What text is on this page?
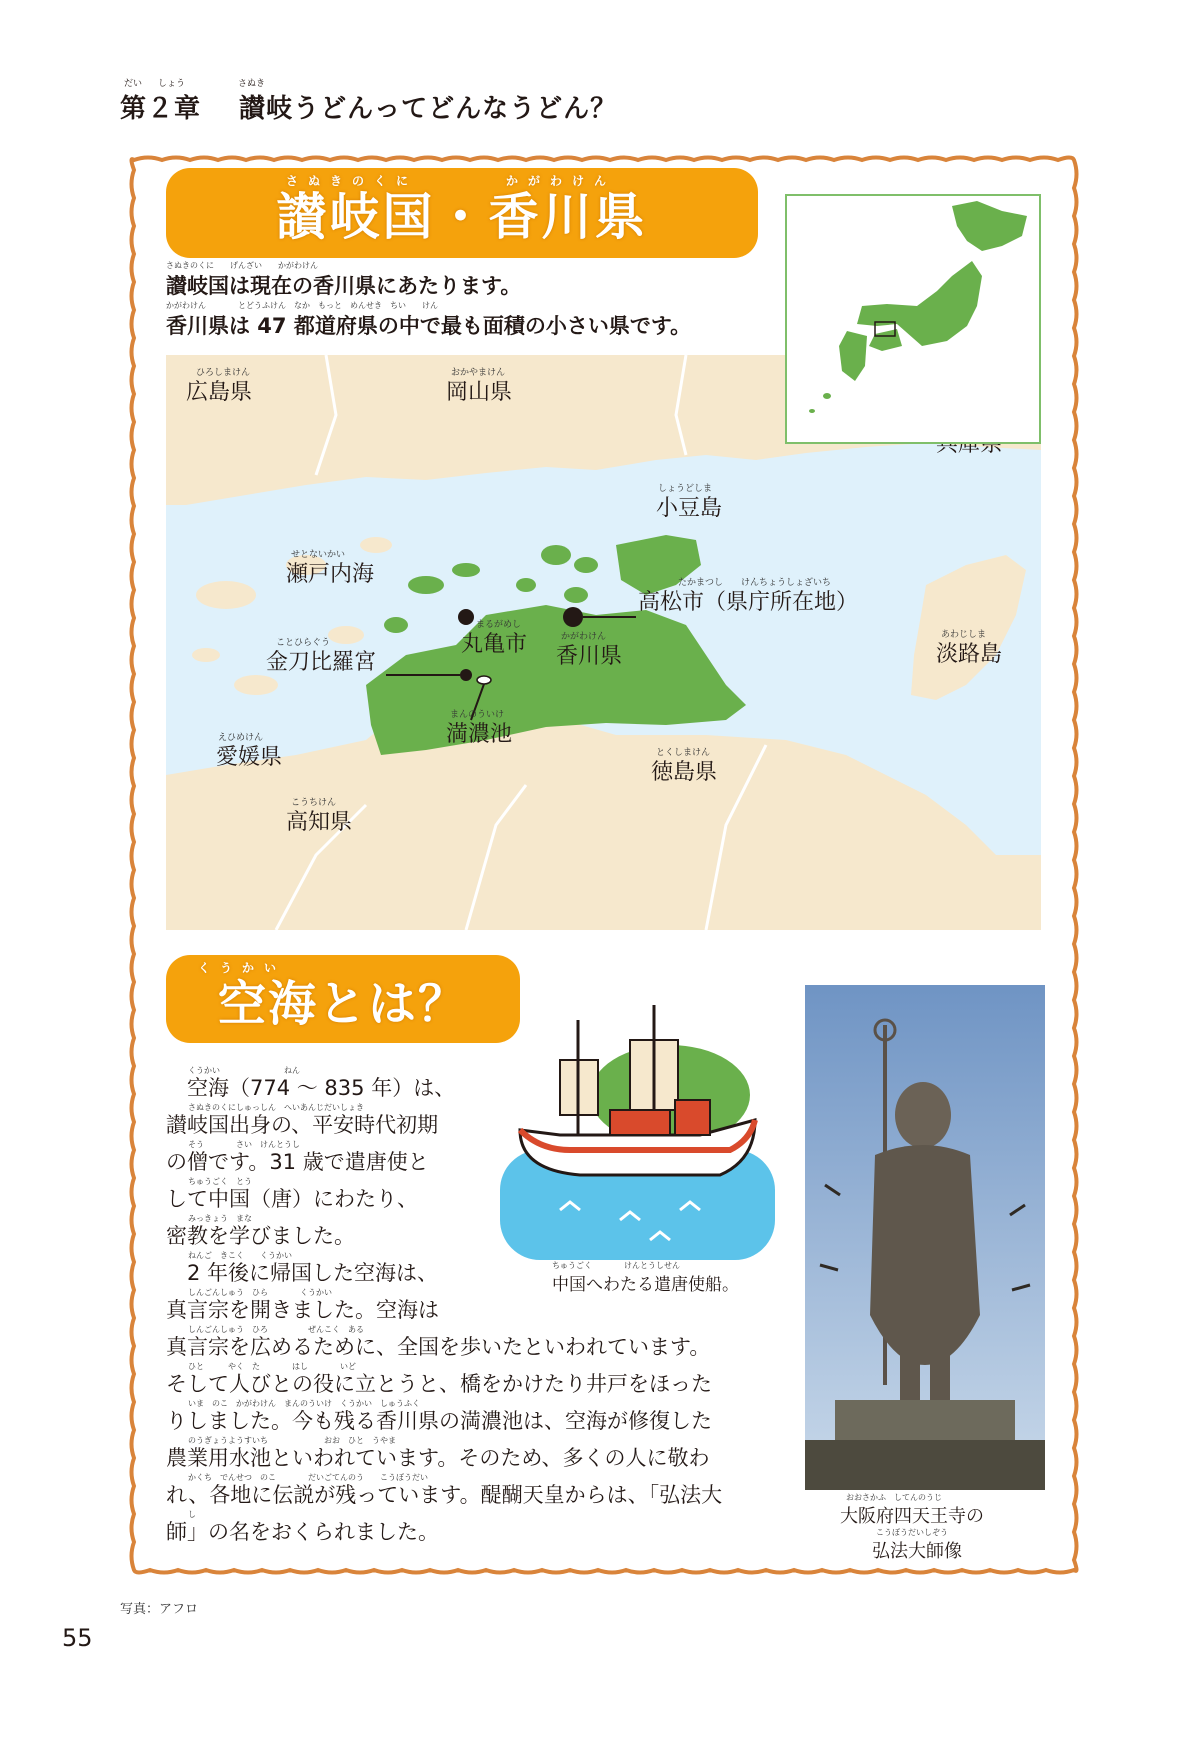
だい しょう	さぬき
第２章 讃岐うどんってどんなうどん？
さぬきのくに	かがわけん
讃岐国・香川県
さぬきのくに　　げんざい　　かがわけん
讃岐国は現在の香川県にあたります。
かがわけん　　　　とどうふけん　なか　もっと　めんせき　ちい　　けん
香川県は 47 都道府県の中で最も面積の小さい県です。
ひろしまけん
広島県
おかやまけん
岡山県
しょうどしま
小豆島
せとないかい
瀬戸内海	たかまつし　　けんちょうしょざいち
高松市（県庁所在地）
まるがめし
丸亀市	かがわけん
香川県
ことひらぐう
金刀比羅宮
あわじしま
淡路島
まんのういけ
満濃池
えひめけん
愛媛県	とくしまけん
徳島県
こうちけん
高知県
くうかい
空海とは？
くうかい　　　　　　　　ねん
　空海（774 ～ 835 年）は、
さぬきのくにしゅっしん　へいあんじだいしょき
讃岐国出身の、平安時代初期
そう　　　　さい　けんとうし
の僧です。31 歳で遣唐使と
ちゅうごく　とう
して中国（唐）にわたり、
みっきょう　まな
密教を学びました。
ねんご　きこく　　くうかい
　2 年後に帰国した空海は、
しんごんしゅう　ひら　　　　くうかい
真言宗を開きました。空海は
しんごんしゅう　ひろ　　　　　ぜんこく　ある
真言宗を広めるために、全国を歩いたといわれています。
ひと　　　やく　た　　　　はし　　　　いど
そして人びとの役に立とうと、橋をかけたり井戸をほった
いま　のこ　かがわけん　まんのういけ　くうかい　しゅうふく
りしました。今も残る香川県の満濃池は、空海が修復した
のうぎょうようすいち　　　　　　　おお　ひと　うやま
農業用水池といわれています。そのため、多くの人に敬わ
かくち　でんせつ　のこ　　　　だいごてんのう　　こうぼうだい
れ、各地に伝説が残っています。醍醐天皇からは、「弘法大
し
師」の名をおくられました。
ちゅうごく　　　　けんとうしせん
中国へわたる遣唐使船。
おおさかふ　してんのうじ
大阪府四天王寺の
こうぼうだいしぞう
弘法大師像
写真：アフロ
55
